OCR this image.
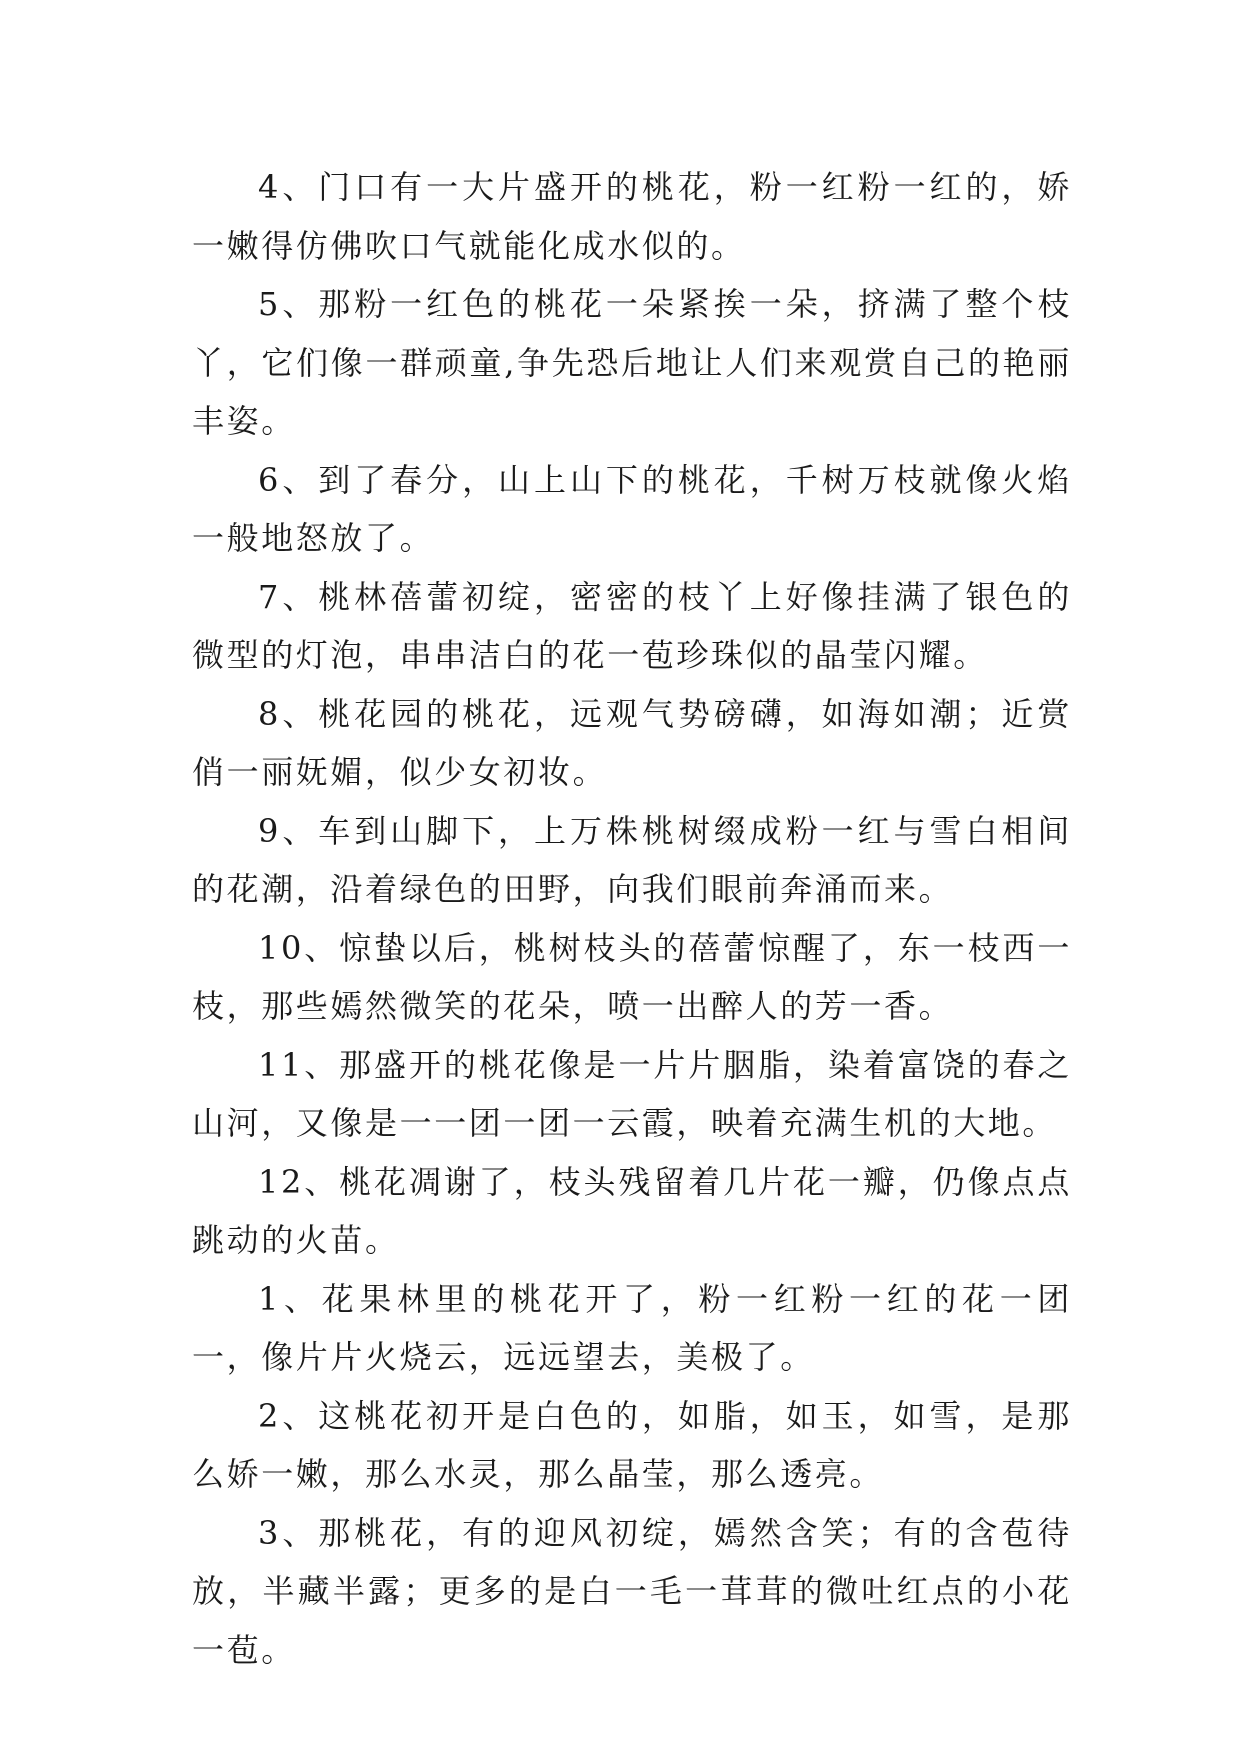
4、门口有一大片盛开的桃花，粉一红粉一红的，娇一嫩得仿佛吹口气就能化成水似的。

5、那粉一红色的桃花一朵紧挨一朵，挤满了整个枝丫，它们像一群顽童,争先恐后地让人们来观赏自己的艳丽丰姿。

6、到了春分，山上山下的桃花，千树万枝就像火焰一般地怒放了。

7、桃林蓓蕾初绽，密密的枝丫上好像挂满了银色的微型的灯泡，串串洁白的花一苞珍珠似的晶莹闪耀。

8、桃花园的桃花，远观气势磅礴，如海如潮；近赏俏一丽妩媚，似少女初妆。

9、车到山脚下，上万株桃树缀成粉一红与雪白相间的花潮，沿着绿色的田野，向我们眼前奔涌而来。

10、惊蛰以后，桃树枝头的蓓蕾惊醒了，东一枝西一枝，那些嫣然微笑的花朵，喷一出醉人的芳一香。

11、那盛开的桃花像是一片片胭脂，染着富饶的春之山河，又像是一一团一团一云霞，映着充满生机的大地。

12、桃花凋谢了，枝头残留着几片花一瓣，仍像点点跳动的火苗。

1、花果林里的桃花开了，粉一红粉一红的花一团一，像片片火烧云，远远望去，美极了。

2、这桃花初开是白色的，如脂，如玉，如雪，是那么娇一嫩，那么水灵，那么晶莹，那么透亮。

3、那桃花，有的迎风初绽，嫣然含笑；有的含苞待放，半藏半露；更多的是白一毛一茸茸的微吐红点的小花一苞。
